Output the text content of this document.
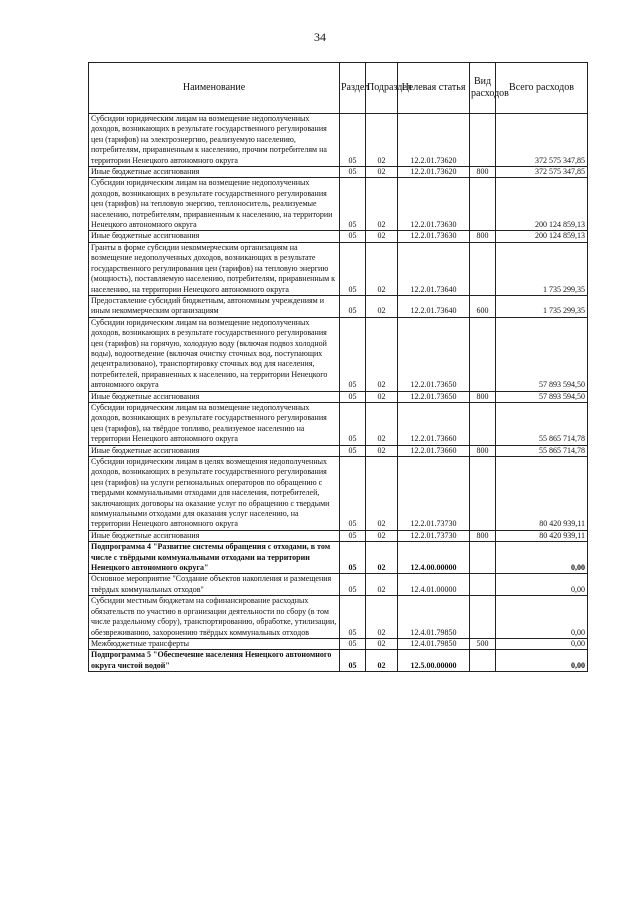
34
Наименование	Раздел	Подраздел	Целевая статья	Вид расходов	Всего расходов
Субсидии юридическим лицам на возмещение недополученных доходов, возникающих в результате государственного регулирования цен (тарифов) на электроэнергию, реализуемую населению, потребителям, приравненным к населению, прочим потребителям на территории Ненецкого автономного округа	05	02	12.2.01.73620		372 575 347,85
Иные бюджетные ассигнования	05	02	12.2.01.73620	800	372 575 347,85
Субсидии юридическим лицам на возмещение недополученных доходов, возникающих в результате государственного регулирования цен (тарифов) на тепловую энергию, теплоноситель, реализуемые населению, потребителям, приравненным к населению, на территории Ненецкого автономного округа	05	02	12.2.01.73630		200 124 859,13
Иные бюджетные ассигнования	05	02	12.2.01.73630	800	200 124 859,13
Гранты в форме субсидии некоммерческим организациям на возмещение недополученных доходов, возникающих в результате государственного регулирования цен (тарифов) на тепловую энергию (мощность), поставляемую населению, потребителям, приравненным к населению, на территории Ненецкого автономного округа	05	02	12.2.01.73640		1 735 299,35
Предоставление субсидий бюджетным, автономным учреждениям и иным некоммерческим организациям	05	02	12.2.01.73640	600	1 735 299,35
Субсидии юридическим лицам на возмещение недополученных доходов, возникающих в результате государственного регулирования цен (тарифов) на горячую, холодную воду (включая подвоз холодной воды), водоотведение (включая очистку сточных вод, поступающих децентрализовано), транспортировку сточных вод для населения, потребителей, приравненных к населению, на территории Ненецкого автономного округа	05	02	12.2.01.73650		57 893 594,50
Иные бюджетные ассигнования	05	02	12.2.01.73650	800	57 893 594,50
Субсидии юридическим лицам на возмещение недополученных доходов, возникающих в результате государственного регулирования цен (тарифов), на твёрдое топливо, реализуемое населению на территории Ненецкого автономного округа	05	02	12.2.01.73660		55 865 714,78
Иные бюджетные ассигнования	05	02	12.2.01.73660	800	55 865 714,78
Субсидии юридическим лицам в целях возмещения недополученных доходов, возникающих в результате государственного регулирования цен (тарифов) на услуги региональных операторов по обращению с твердыми коммунальными отходами для населения, потребителей, заключающих договоры на оказание услуг по обращению с твердыми коммунальными отходами для оказания услуг населению, на территории Ненецкого автономного округа	05	02	12.2.01.73730		80 420 939,11
Иные бюджетные ассигнования	05	02	12.2.01.73730	800	80 420 939,11
Подпрограмма 4 "Развитие системы обращения с отходами, в том числе с твёрдыми коммунальными отходами на территории Ненецкого автономного округа"	05	02	12.4.00.00000		0,00
Основное мероприятие "Создание объектов накопления и размещения твёрдых коммунальных отходов"	05	02	12.4.01.00000		0,00
Субсидии местным бюджетам на софинансирование расходных обязательств по участию в организации деятельности по сбору (в том числе раздельному сбору), транспортированию, обработке, утилизации, обезвреживанию, захоронению твёрдых коммунальных отходов	05	02	12.4.01.79850		0,00
Межбюджетные трансферты	05	02	12.4.01.79850	500	0,00
Подпрограмма 5 "Обеспечение населения Ненецкого автономного округа чистой водой"	05	02	12.5.00.00000		0,00
